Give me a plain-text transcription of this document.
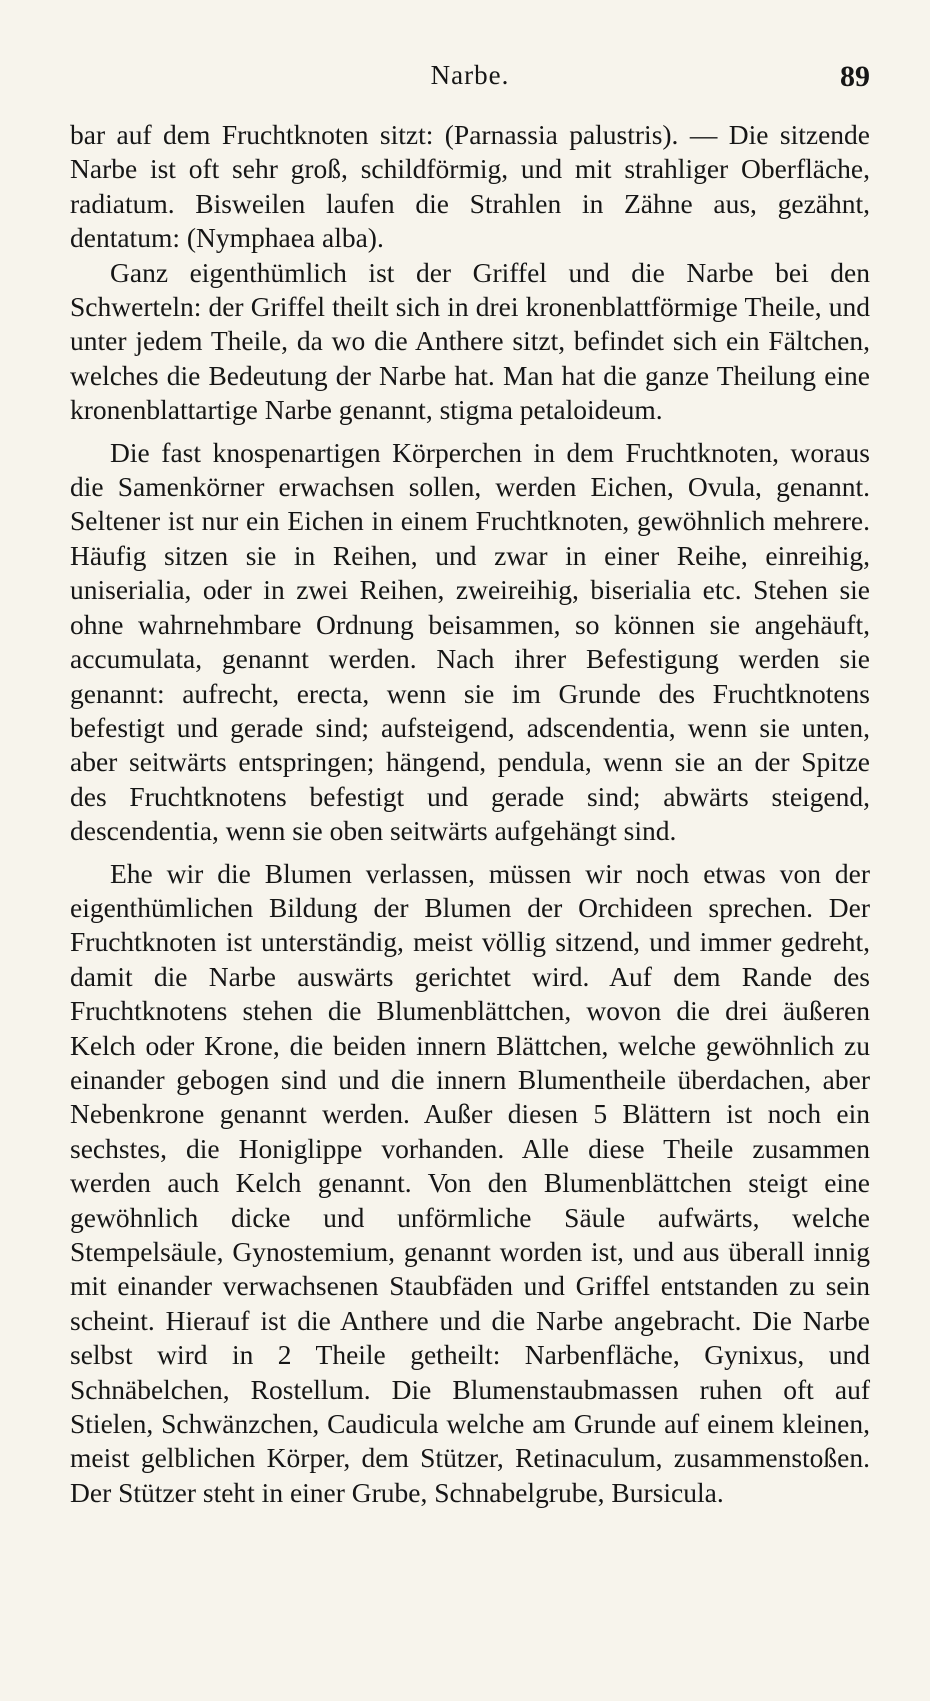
Narbe.	89

bar auf dem Fruchtknoten sitzt: (Parnassia palustris). — Die sitzende Narbe ist oft sehr groß, schildförmig, und mit strahliger Oberfläche, radiatum. Bisweilen laufen die Strahlen in Zähne aus, gezähnt, dentatum: (Nymphaea alba).

Ganz eigenthümlich ist der Griffel und die Narbe bei den Schwerteln: der Griffel theilt sich in drei kronenblattförmige Theile, und unter jedem Theile, da wo die Anthere sitzt, befindet sich ein Fältchen, welches die Bedeutung der Narbe hat. Man hat die ganze Theilung eine kronenblattartige Narbe genannt, stigma petaloideum.

Die fast knospenartigen Körperchen in dem Fruchtknoten, woraus die Samenkörner erwachsen sollen, werden Eichen, Ovula, genannt. Seltener ist nur ein Eichen in einem Fruchtknoten, gewöhnlich mehrere. Häufig sitzen sie in Reihen, und zwar in einer Reihe, einreihig, uniserialia, oder in zwei Reihen, zweireihig, biserialia etc. Stehen sie ohne wahrnehmbare Ordnung beisammen, so können sie angehäuft, accumulata, genannt werden. Nach ihrer Befestigung werden sie genannt: aufrecht, erecta, wenn sie im Grunde des Fruchtknotens befestigt und gerade sind; aufsteigend, adscendentia, wenn sie unten, aber seitwärts entspringen; hängend, pendula, wenn sie an der Spitze des Fruchtknotens befestigt und gerade sind; abwärts steigend, descendentia, wenn sie oben seitwärts aufgehängt sind.

Ehe wir die Blumen verlassen, müssen wir noch etwas von der eigenthümlichen Bildung der Blumen der Orchideen sprechen. Der Fruchtknoten ist unterständig, meist völlig sitzend, und immer gedreht, damit die Narbe auswärts gerichtet wird. Auf dem Rande des Fruchtknotens stehen die Blumenblättchen, wovon die drei äußeren Kelch oder Krone, die beiden innern Blättchen, welche gewöhnlich zu einander gebogen sind und die innern Blumentheile überdachen, aber Nebenkrone genannt werden. Außer diesen 5 Blättern ist noch ein sechstes, die Honiglippe vorhanden. Alle diese Theile zusammen werden auch Kelch genannt. Von den Blumenblättchen steigt eine gewöhnlich dicke und unförmliche Säule aufwärts, welche Stempelsäule, Gynostemium, genannt worden ist, und aus überall innig mit einander verwachsenen Staubfäden und Griffel entstanden zu sein scheint. Hierauf ist die Anthere und die Narbe angebracht. Die Narbe selbst wird in 2 Theile getheilt: Narbenfläche, Gynixus, und Schnäbelchen, Rostellum. Die Blumenstaubmassen ruhen oft auf Stielen, Schwänzchen, Caudicula welche am Grunde auf einem kleinen, meist gelblichen Körper, dem Stützer, Retinaculum, zusammenstoßen. Der Stützer steht in einer Grube, Schnabelgrube, Bursicula.
